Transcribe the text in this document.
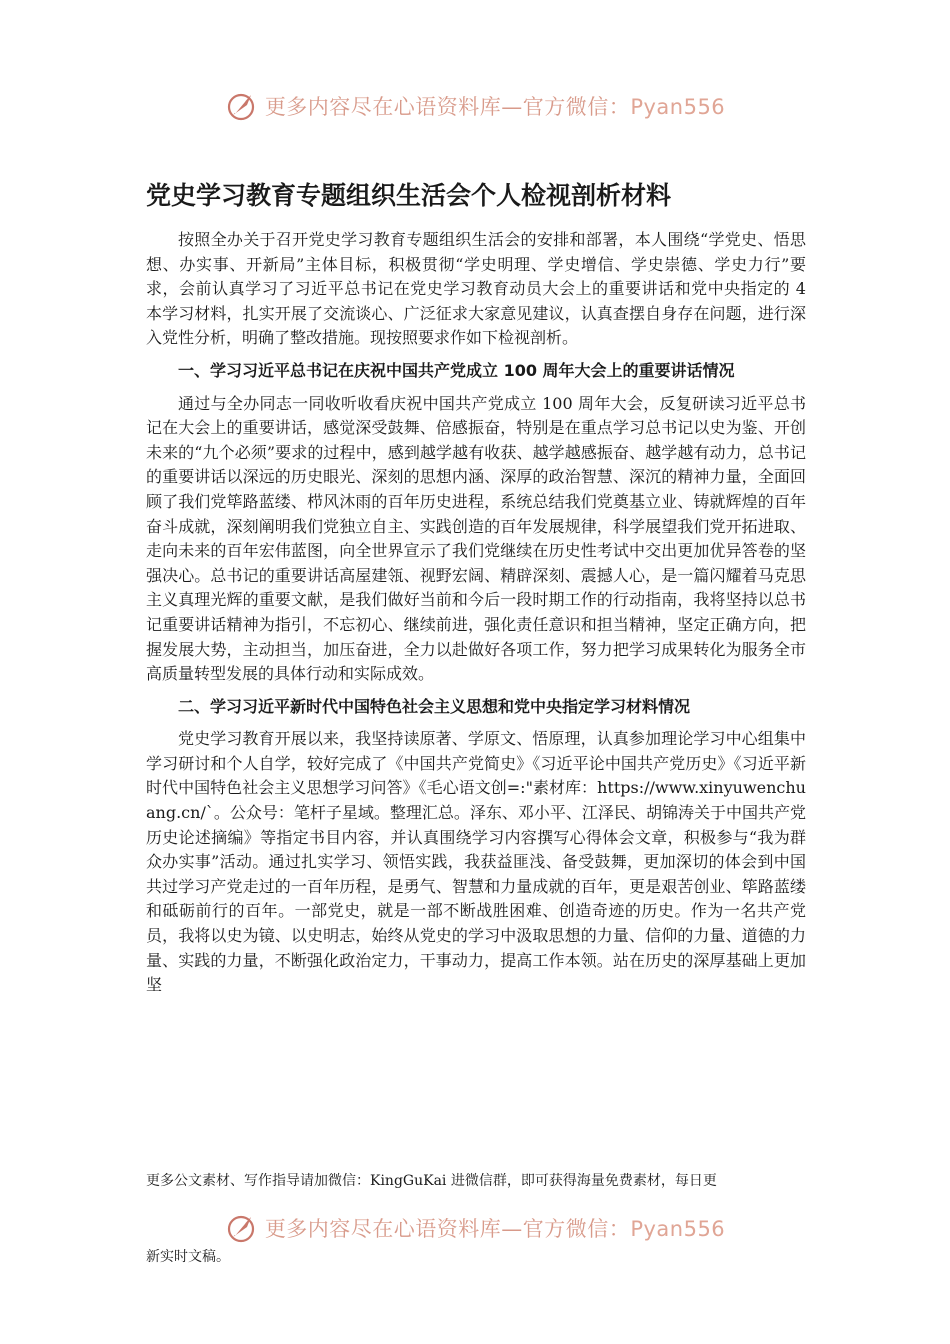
更多内容尽在心语资料库—官方微信：Pyan556
党史学习教育专题组织生活会个人检视剖析材料

按照全办关于召开党史学习教育专题组织生活会的安排和部署，本人围绕“学党史、悟思想、办实事、开新局”主体目标，积极贯彻“学史明理、学史增信、学史崇德、学史力行”要求，会前认真学习了习近平总书记在党史学习教育动员大会上的重要讲话和党中央指定的 4 本学习材料，扎实开展了交流谈心、广泛征求大家意见建议，认真查摆自身存在问题，进行深入党性分析，明确了整改措施。现按照要求作如下检视剖析。

一、学习习近平总书记在庆祝中国共产党成立 100 周年大会上的重要讲话情况

通过与全办同志一同收听收看庆祝中国共产党成立 100 周年大会，反复研读习近平总书记在大会上的重要讲话，感觉深受鼓舞、倍感振奋，特别是在重点学习总书记以史为鉴、开创未来的“九个必须”要求的过程中，感到越学越有收获、越学越感振奋、越学越有动力，总书记的重要讲话以深远的历史眼光、深刻的思想内涵、深厚的政治智慧、深沉的精神力量，全面回顾了我们党筚路蓝缕、栉风沐雨的百年历史进程，系统总结我们党奠基立业、铸就辉煌的百年奋斗成就，深刻阐明我们党独立自主、实践创造的百年发展规律，科学展望我们党开拓进取、走向未来的百年宏伟蓝图，向全世界宣示了我们党继续在历史性考试中交出更加优异答卷的坚强决心。总书记的重要讲话高屋建瓴、视野宏阔、精辟深刻、震撼人心，是一篇闪耀着马克思主义真理光辉的重要文献，是我们做好当前和今后一段时期工作的行动指南，我将坚持以总书记重要讲话精神为指引，不忘初心、继续前进，强化责任意识和担当精神，坚定正确方向，把握发展大势，主动担当，加压奋进，全力以赴做好各项工作，努力把学习成果转化为服务全市高质量转型发展的具体行动和实际成效。

二、学习习近平新时代中国特色社会主义思想和党中央指定学习材料情况

党史学习教育开展以来，我坚持读原著、学原文、悟原理，认真参加理论学习中心组集中学习研讨和个人自学，较好完成了《中国共产党简史》《习近平论中国共产党历史》《习近平新时代中国特色社会主义思想学习问答》《毛心语文创=:"素材库：https://www.xinyuwenchuang.cn/`。公众号：笔杆子星域。整理汇总。泽东、邓小平、江泽民、胡锦涛关于中国共产党历史论述摘编》等指定书目内容，并认真围绕学习内容撰写心得体会文章，积极参与“我为群众办实事”活动。通过扎实学习、领悟实践，我获益匪浅、备受鼓舞，更加深切的体会到中国共过学习产党走过的一百年历程，是勇气、智慧和力量成就的百年，更是艰苦创业、筚路蓝缕和砥砺前行的百年。一部党史，就是一部不断战胜困难、创造奇迹的历史。作为一名共产党员，我将以史为镜、以史明志，始终从党史的学习中汲取思想的力量、信仰的力量、道德的力量、实践的力量，不断强化政治定力，干事动力，提高工作本领。站在历史的深厚基础上更加坚

更多公文素材、写作指导请加微信：KingGuKai 进微信群，即可获得海量免费素材，每日更
更多内容尽在心语资料库—官方微信：Pyan556
新实时文稿。
